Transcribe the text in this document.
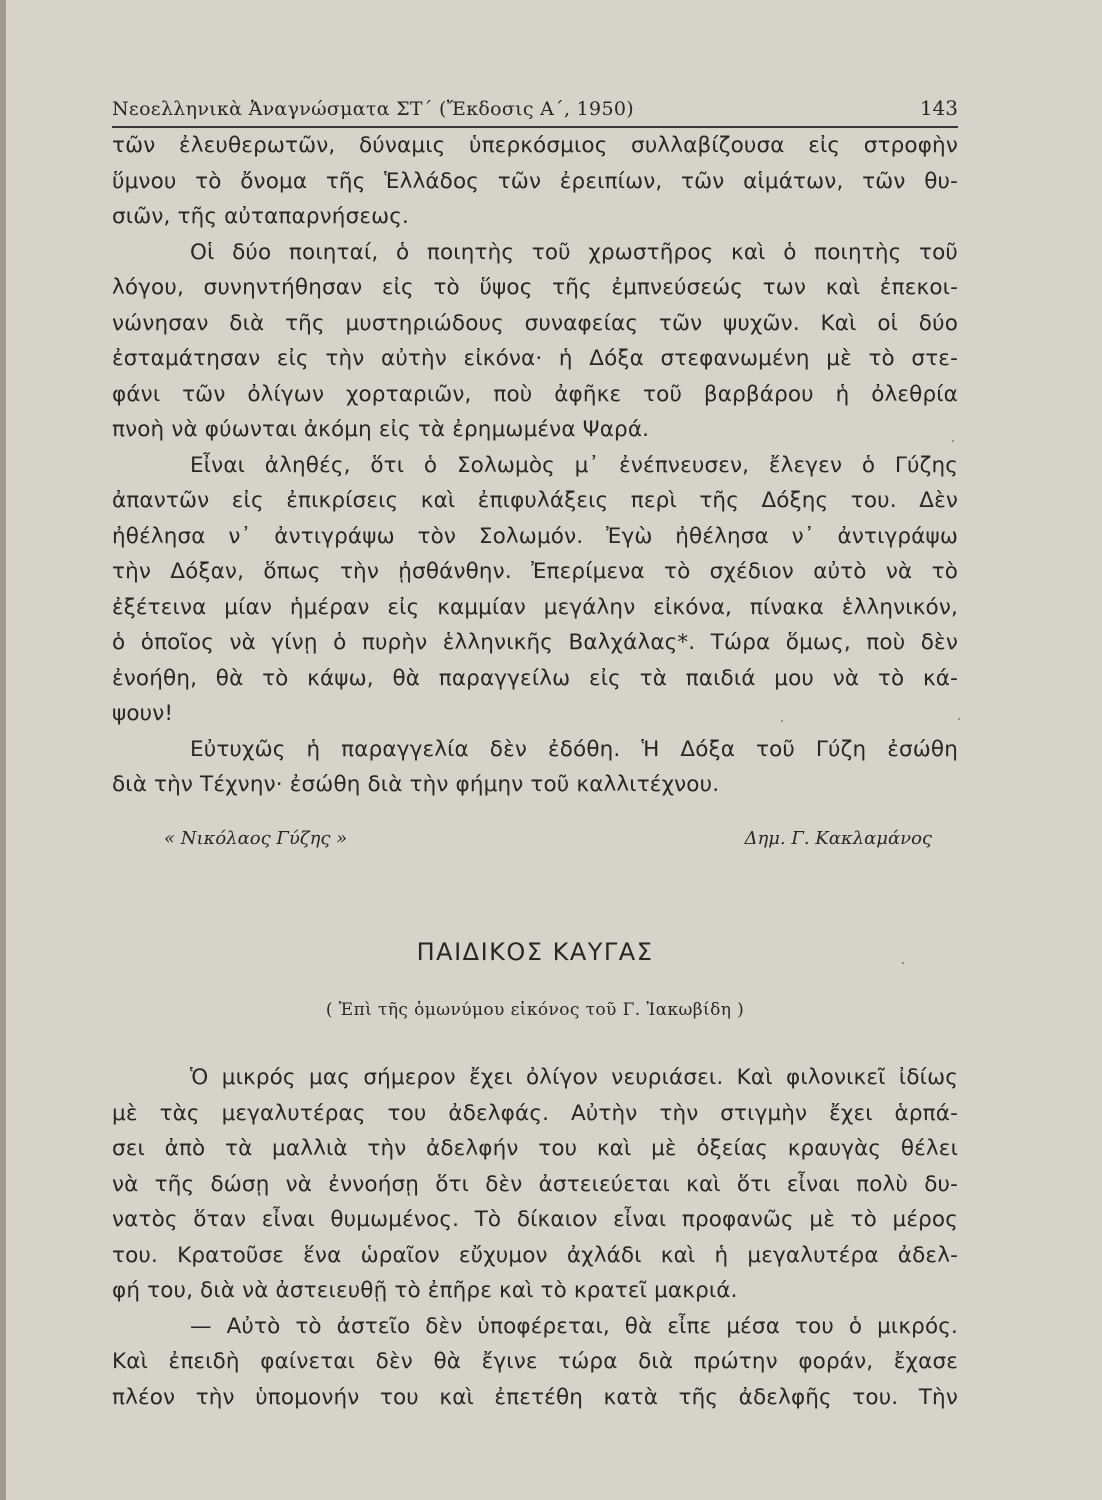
Νεοελληνικὰ Ἀναγνώσματα ΣΤ΄ (Ἔκδοσις Α΄, 1950)	143
τῶν ἐλευθερωτῶν, δύναμις ὑπερκόσμιος συλλαβίζουσα εἰς στροφὴν
ὕμνου τὸ ὄνομα τῆς Ἑλλάδος τῶν ἐρειπίων, τῶν αἱμάτων, τῶν θυ-
σιῶν, τῆς αὐταπαρνήσεως.
Οἱ δύο ποιηταί, ὁ ποιητὴς τοῦ χρωστῆρος καὶ ὁ ποιητὴς τοῦ
λόγου, συνηντήθησαν εἰς τὸ ὕψος τῆς ἐμπνεύσεώς των καὶ ἐπεκοι-
νώνησαν διὰ τῆς μυστηριώδους συναφείας τῶν ψυχῶν. Καὶ οἱ δύο
ἐσταμάτησαν εἰς τὴν αὐτὴν εἰκόνα· ἡ Δόξα στεφανωμένη μὲ τὸ στε-
φάνι τῶν ὀλίγων χορταριῶν, ποὺ ἀφῆκε τοῦ βαρβάρου ἡ ὀλεθρία
πνοὴ νὰ φύωνται ἀκόμη εἰς τὰ ἐρημωμένα Ψαρά.
Εἶναι ἀληθές, ὅτι ὁ Σολωμὸς μ᾿ ἐνέπνευσεν, ἔλεγεν ὁ Γύζης
ἀπαντῶν εἰς ἐπικρίσεις καὶ ἐπιφυλάξεις περὶ τῆς Δόξης του. Δὲν
ἠθέλησα ν᾿ ἀντιγράψω τὸν Σολωμόν. Ἐγὼ ἠθέλησα ν᾿ ἀντιγράψω
τὴν Δόξαν, ὅπως τὴν ᾐσθάνθην. Ἐπερίμενα τὸ σχέδιον αὐτὸ νὰ τὸ
ἐξέτεινα μίαν ἡμέραν εἰς καμμίαν μεγάλην εἰκόνα, πίνακα ἑλληνικόν,
ὁ ὁποῖος νὰ γίνῃ ὁ πυρὴν ἑλληνικῆς Βαλχάλας*. Τώρα ὅμως, ποὺ δὲν
ἐνοήθη, θὰ τὸ κάψω, θὰ παραγγείλω εἰς τὰ παιδιά μου νὰ τὸ κά-
ψουν!
Εὐτυχῶς ἡ παραγγελία δὲν ἐδόθη. Ἡ Δόξα τοῦ Γύζη ἐσώθη
διὰ τὴν Τέχνην· ἐσώθη διὰ τὴν φήμην τοῦ καλλιτέχνου.
« Νικόλαος Γύζης »	Δημ. Γ. Κακλαμάνος
ΠΑΙΔΙΚΟΣ ΚΑΥΓΑΣ
( Ἐπὶ τῆς ὁμωνύμου εἰκόνος τοῦ Γ. Ἰακωβίδη )
Ὁ μικρός μας σήμερον ἔχει ὀλίγον νευριάσει. Καὶ φιλονικεῖ ἰδίως
μὲ τὰς μεγαλυτέρας του ἀδελφάς. Αὐτὴν τὴν στιγμὴν ἔχει ἁρπά-
σει ἀπὸ τὰ μαλλιὰ τὴν ἀδελφήν του καὶ μὲ ὀξείας κραυγὰς θέλει
νὰ τῆς δώσῃ νὰ ἐννοήσῃ ὅτι δὲν ἀστειεύεται καὶ ὅτι εἶναι πολὺ δυ-
νατὸς ὅταν εἶναι θυμωμένος. Τὸ δίκαιον εἶναι προφανῶς μὲ τὸ μέρος
του. Κρατοῦσε ἕνα ὡραῖον εὔχυμον ἀχλάδι καὶ ἡ μεγαλυτέρα ἀδελ-
φή του, διὰ νὰ ἀστειευθῇ τὸ ἐπῆρε καὶ τὸ κρατεῖ μακριά.
— Αὐτὸ τὸ ἀστεῖο δὲν ὑποφέρεται, θὰ εἶπε μέσα του ὁ μικρός.
Καὶ ἐπειδὴ φαίνεται δὲν θὰ ἔγινε τώρα διὰ πρώτην φοράν, ἔχασε
πλέον τὴν ὑπομονήν του καὶ ἐπετέθη κατὰ τῆς ἀδελφῆς του. Τὴν
